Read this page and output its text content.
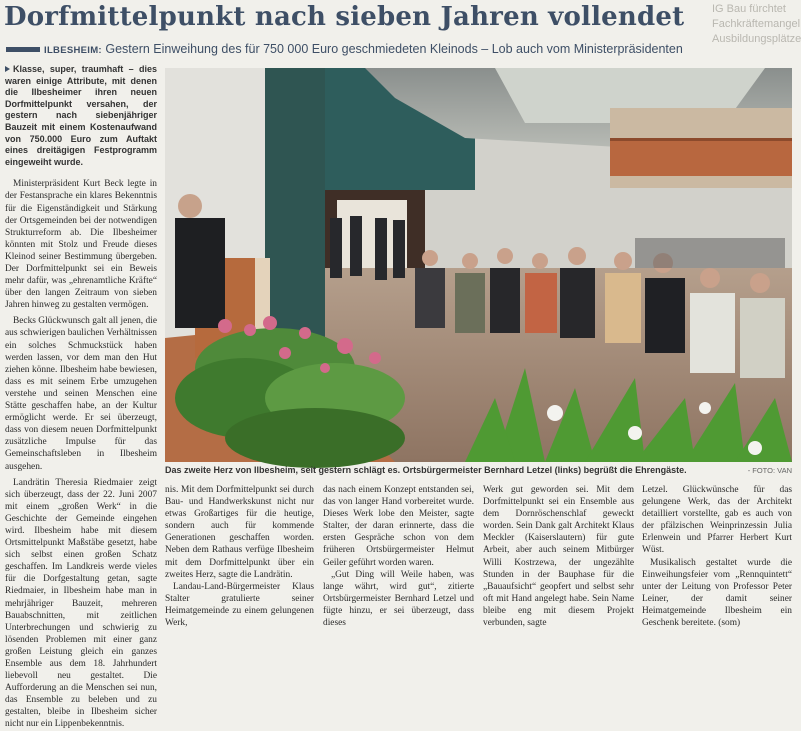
Dorfmittelpunkt nach sieben Jahren vollendet	IG Bau fürchtet
Fachkräftemangel
Ausbildungsplätze
ILBESHEIM: Gestern Einweihung des für 750 000 Euro geschmiedeten Kleinods – Lob auch vom Ministerpräsidenten
Klasse, super, traumhaft – dies waren einige Attribute, mit denen die Ilbesheimer ihren neuen Dorfmittelpunkt versahen, der gestern nach siebenjähriger Bauzeit mit einem Kostenaufwand von 750.000 Euro zum Auftakt eines dreitägigen Festprogramm eingeweiht wurde.

Ministerpräsident Kurt Beck legte in der Festansprache ein klares Bekenntnis für die Eigenständigkeit und Stärkung der Ortsgemeinden bei der notwendigen Strukturreform ab. Die Ilbesheimer könnten mit Stolz und Freude dieses Kleinod seiner Bestimmung übergeben. Der Dorfmittelpunkt sei ein Beweis mehr dafür, was „ehrenamtliche Kräfte“ über den langen Zeitraum von sieben Jahren hinweg zu gestalten vermögen.

Becks Glückwunsch galt all jenen, die aus schwierigen baulichen Verhältnissen ein solches Schmuckstück haben werden lassen, vor dem man den Hut ziehen könne. Ilbesheim habe bewiesen, dass es mit seinem Erbe umzugehen verstehe und seinen Menschen eine Stätte geschaffen habe, an der Kultur ermöglicht werde. Er sei überzeugt, dass von diesem neuen Dorfmittelpunkt zusätzliche Impulse für das Gemeinschaftsleben in Ilbesheim ausgehen.

Landrätin Theresia Riedmaier zeigt sich überzeugt, dass der 22. Juni 2007 mit einem „großen Werk“ in die Geschichte der Gemeinde eingehen wird. Ilbesheim habe mit diesem Ortsmittelpunkt Maßstäbe gesetzt, habe sich selbst einen großen Schatz geschaffen. Im Landkreis werde vieles für die Dorfgestaltung getan, sagte Riedmaier, in Ilbesheim habe man in mehrjähriger Bauzeit, mehreren Bauabschnitten, mit zeitlichen Unterbrechungen und schwierig zu lösenden Problemen mit einer ganz großen Leistung gleich ein ganzes Ensemble aus dem 18. Jahrhundert liebevoll neu gestaltet. Die Aufforderung an die Menschen sei nun, das Ensemble zu beleben und zu gestalten, bleibe in Ilbesheim sicher nicht nur ein Lippenbekenntnis.

Das zweite Herz von Ilbesheim, seit gestern schlägt es. Ortsbürgermeister Bernhard Letzel (links) begrüßt die Ehrengäste.	- FOTO: VAN

nis. Mit dem Dorfmittelpunkt sei durch Bau- und Handwerkskunst nicht nur etwas Großartiges für die heutige, sondern auch für kommende Generationen geschaffen worden. Neben dem Rathaus verfüge Ilbesheim mit dem Dorfmittelpunkt über ein zweites Herz, sagte die Landrätin.

Landau-Land-Bürgermeister Klaus Stalter gratulierte seiner Heimatgemeinde zu einem gelungenen Werk,

das nach einem Konzept entstanden sei, das von langer Hand vorbereitet wurde. Dieses Werk lobe den Meister, sagte Stalter, der daran erinnerte, dass die ersten Gespräche schon von dem früheren Ortsbürgermeister Helmut Geiler geführt worden waren.

„Gut Ding will Weile haben, was lange währt, wird gut“, zitierte Ortsbürgermeister Bernhard Letzel und fügte hinzu, er sei überzeugt, dass dieses

Werk gut geworden sei. Mit dem Dorfmittelpunkt sei ein Ensemble aus dem Dornröschenschlaf geweckt worden. Sein Dank galt Architekt Klaus Meckler (Kaiserslautern) für gute Arbeit, aber auch seinem Mitbürger Willi Kostrzewa, der ungezählte Stunden in der Bauphase für die „Bauaufsicht“ geopfert und selbst sehr oft mit Hand angelegt habe. Sein Name bleibe eng mit diesem Projekt verbunden, sagte

Letzel. Glückwünsche für das gelungene Werk, das der Architekt detailliert vorstellte, gab es auch von der pfälzischen Weinprinzessin Julia Erlenwein und Pfarrer Herbert Kurt Wüst.

Musikalisch gestaltet wurde die Einweihungsfeier vom „Rennquintett“ unter der Leitung von Professor Peter Leiner, der damit seiner Heimatgemeinde Ilbesheim ein Geschenk bereitete. (som)
